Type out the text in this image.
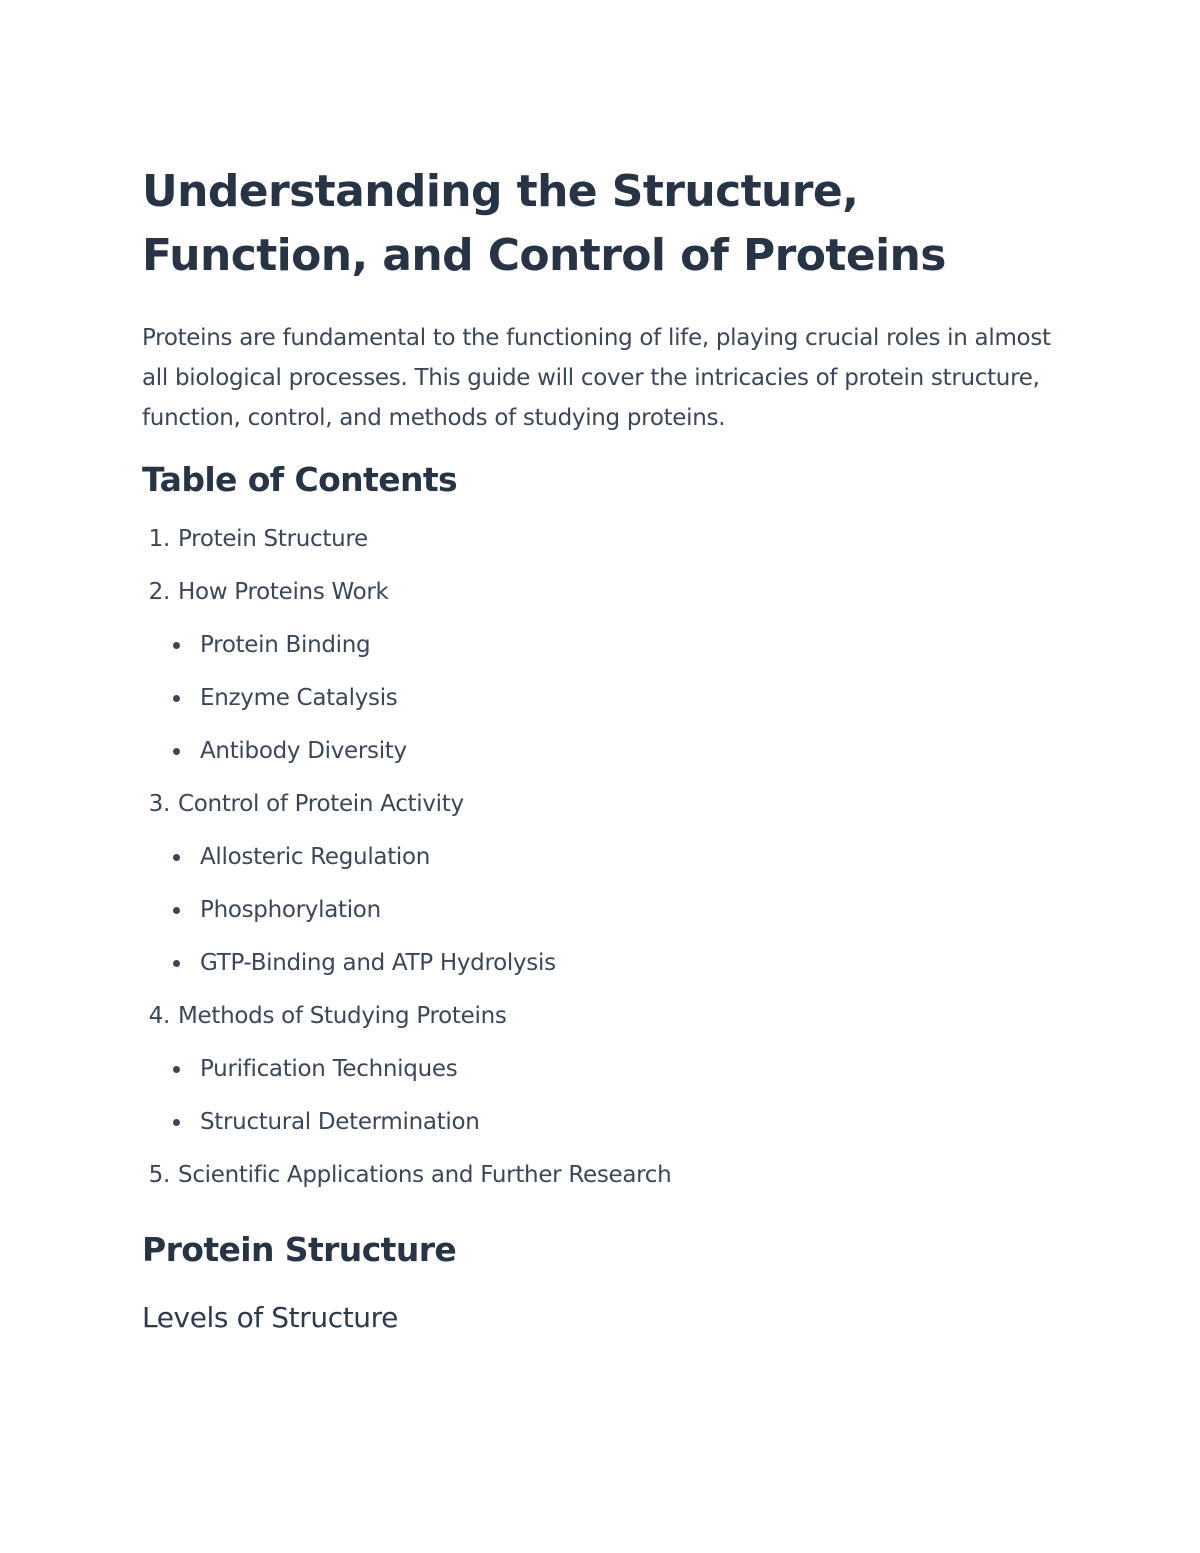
Understanding the Structure, Function, and Control of Proteins

Proteins are fundamental to the functioning of life, playing crucial roles in almost all biological processes. This guide will cover the intricacies of protein structure, function, control, and methods of studying proteins.

Table of Contents
1. Protein Structure
2. How Proteins Work
Protein Binding
Enzyme Catalysis
Antibody Diversity
3. Control of Protein Activity
Allosteric Regulation
Phosphorylation
GTP-Binding and ATP Hydrolysis
4. Methods of Studying Proteins
Purification Techniques
Structural Determination
5. Scientific Applications and Further Research
Protein Structure
Levels of Structure
